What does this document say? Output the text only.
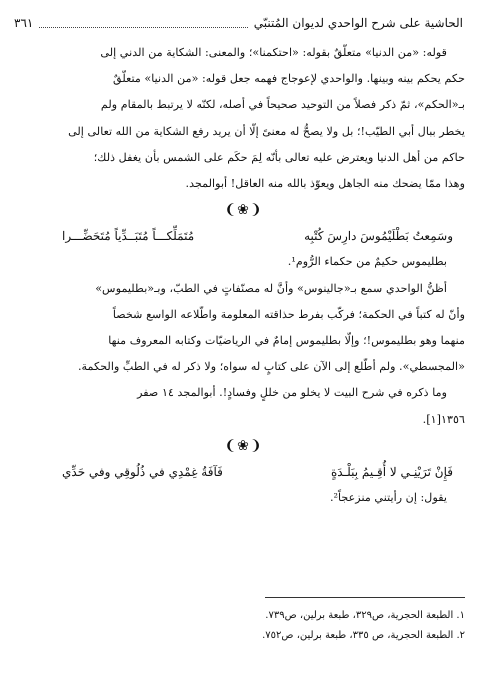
الحاشية على شرح الواحدي لديوان المُتنبّي
٣٦١

قوله: «من الدنيا» متعلّقٌ بقوله: «احتكمنا»؛ والمعنى: الشكاية من الدني إلى

حكم يحكم بينه وبينها. والواحدي لإعوجاج فهمه جعل قوله: «من الدنيا» متعلّقٌ

بـ«الحكم»، ثمّ ذكر فصلاً من التوحيد صحيحاً في أصله، لكنّه لا يرتبط بالمقام ولم

يخطر ببال أبي الطيّب!؛ بل ولا يصحُّ له معنىً إلّا أن يريد رفع الشكاية من الله تعالى إلى

حاكم من أهل الدنيا ويعترض عليه تعالى بأنّه لِمَ حكَم على الشمس بأن يغفل ذلك؛

وهذا ممّا يضحك منه الجاهل ويعوّذ بالله منه العاقل! أبوالمجد.

❨❀❩
وسَمِعتُ بَطْلَيْمُوسَ دارِسَ كُتْبِه
مُتَمَلِّكـــاً مُتَبَــدِّياً مُتَحَضِّـــرا

بطليموس حكيمٌ من حكماء الرُّوم¹.

أظنُّ الواحدي سمع بـ«جالينوس» وأنَّ له مصنّفاتٍ في الطبّ، وبـ«بطليموس»

وأنّ له كتباً في الحكمة؛ فركّب بفرط حذاقته المعلومة واطّلاعه الواسع شخصاً

منهما وهو بطليموس!؛ وإلّا بطليموس إمامٌ في الرياضيّات وكتابه المعروف منها

«المجسطي». ولم أطّلع إلى الآن على كتابٍ له سواه؛ ولا ذكر له في الطبِّ والحكمة.

وما ذكره في شرح البيت لا يخلو من خللٍ وفسادٍ!. أبوالمجد ١٤ صفر

١٣٥٦[١].

❨❀❩
فَإِنْ تَرَيْنِـي لا أُقِـيمُ بِبَلْـدَةٍ
فَآفَةُ غِمْدِي في ذُلُوقِي وفي حَدِّي

يقول: إن رأيتني منزعجاً².

١. الطبعة الحجرية، ص٣٢٩، طبعة برلين، ص٧٣٩.

٢. الطبعة الحجرية، ص ٣٣٥، طبعة برلين، ص٧٥٢.
